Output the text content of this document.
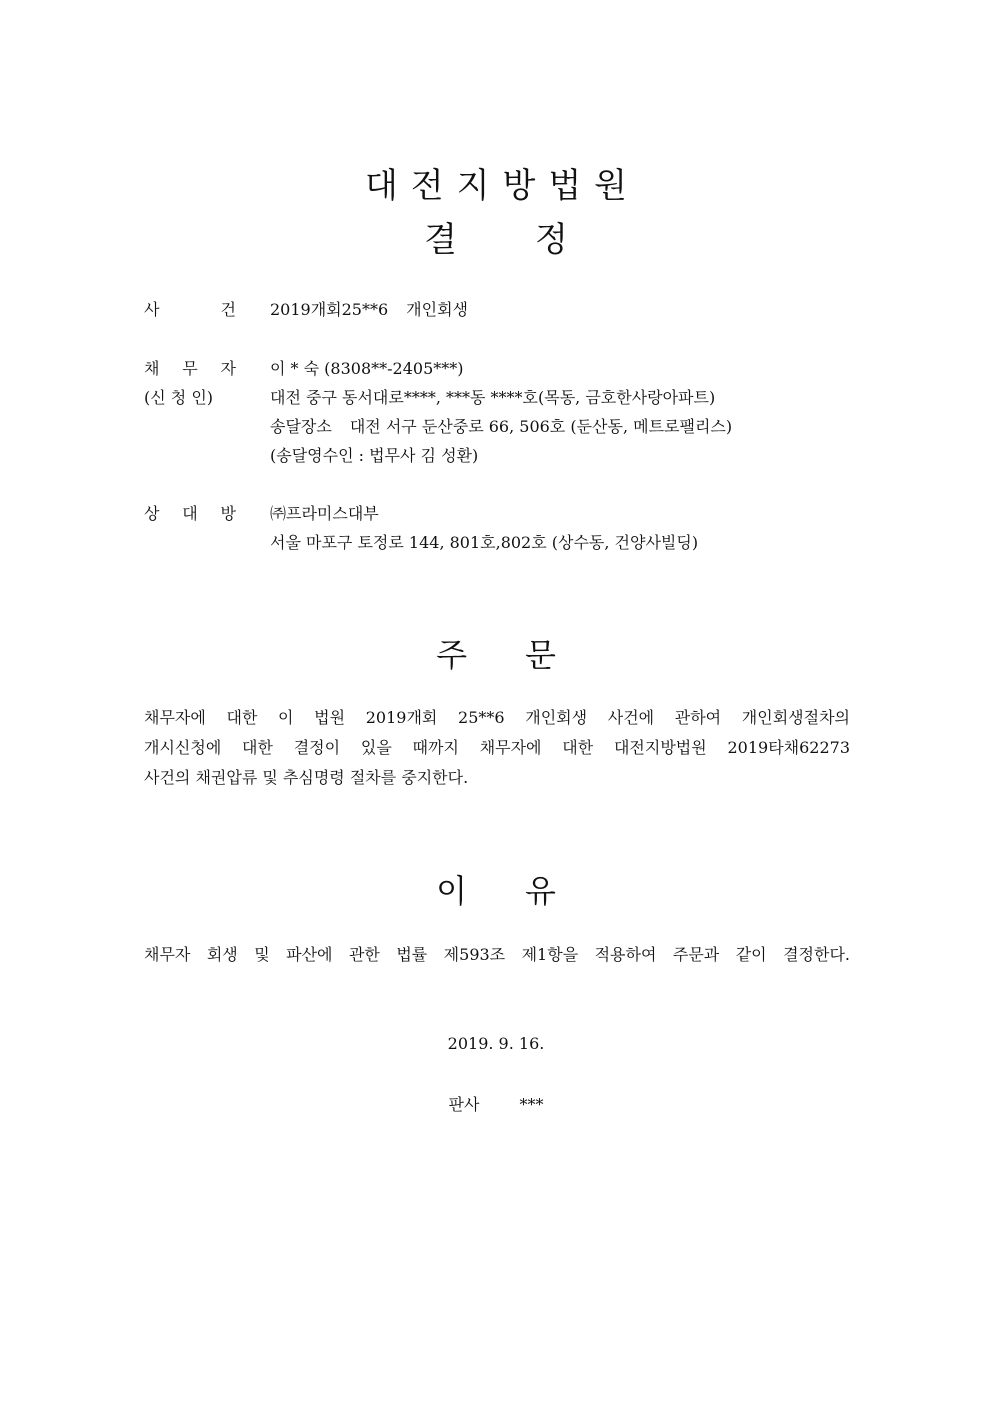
대전지방법원
결 정
사	건 2019개회25**6 개인회생
채 무 자 이 * 숙 (8308**-2405***)
(신 청 인)	대전 중구 동서대로****, ***동 ****호(목동, 금호한사랑아파트)
송달장소 대전 서구 둔산중로 66, 506호 (둔산동, 메트로팰리스)
(송달영수인 : 법무사 김 성환)
상 대 방 ㈜프라미스대부
서울 마포구 토정로 144, 801호,802호 (상수동, 건양사빌딩)
주 문
채무자에 대한 이 법원 2019개회 25**6 개인회생 사건에 관하여 개인회생절차의
개시신청에 대한 결정이 있을 때까지 채무자에 대한 대전지방법원 2019타채62273
사건의 채권압류 및 추심명령 절차를 중지한다.
이 유
채무자 회생 및 파산에 관한 법률 제593조 제1항을 적용하여 주문과 같이 결정한다.
2019. 9. 16.
판사	***
